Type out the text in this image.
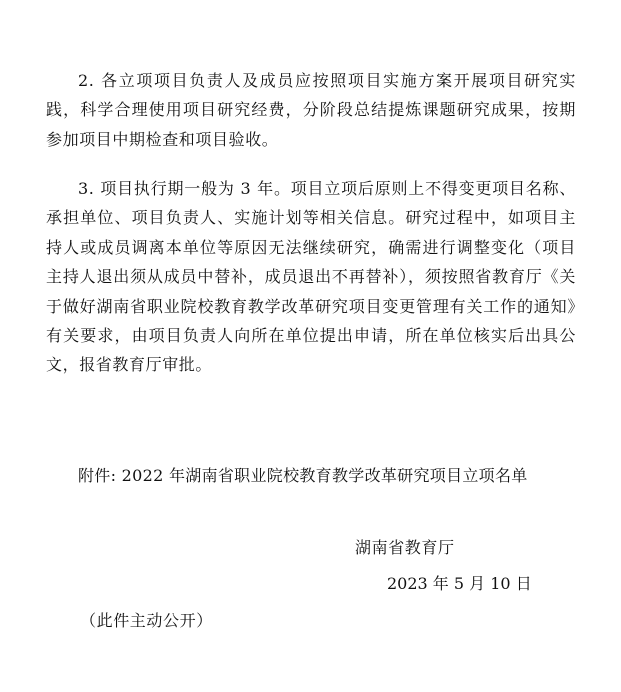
2. 各立项项目负责人及成员应按照项目实施方案开展项目研究实践，科学合理使用项目研究经费，分阶段总结提炼课题研究成果，按期参加项目中期检查和项目验收。

3. 项目执行期一般为 3 年。项目立项后原则上不得变更项目名称、承担单位、项目负责人、实施计划等相关信息。研究过程中，如项目主持人或成员调离本单位等原因无法继续研究，确需进行调整变化（项目主持人退出须从成员中替补，成员退出不再替补），须按照省教育厅《关于做好湖南省职业院校教育教学改革研究项目变更管理有关工作的通知》有关要求，由项目负责人向所在单位提出申请，所在单位核实后出具公文，报省教育厅审批。

附件: 2022 年湖南省职业院校教育教学改革研究项目立项名单

湖南省教育厅

2023 年 5 月 10 日

（此件主动公开）
